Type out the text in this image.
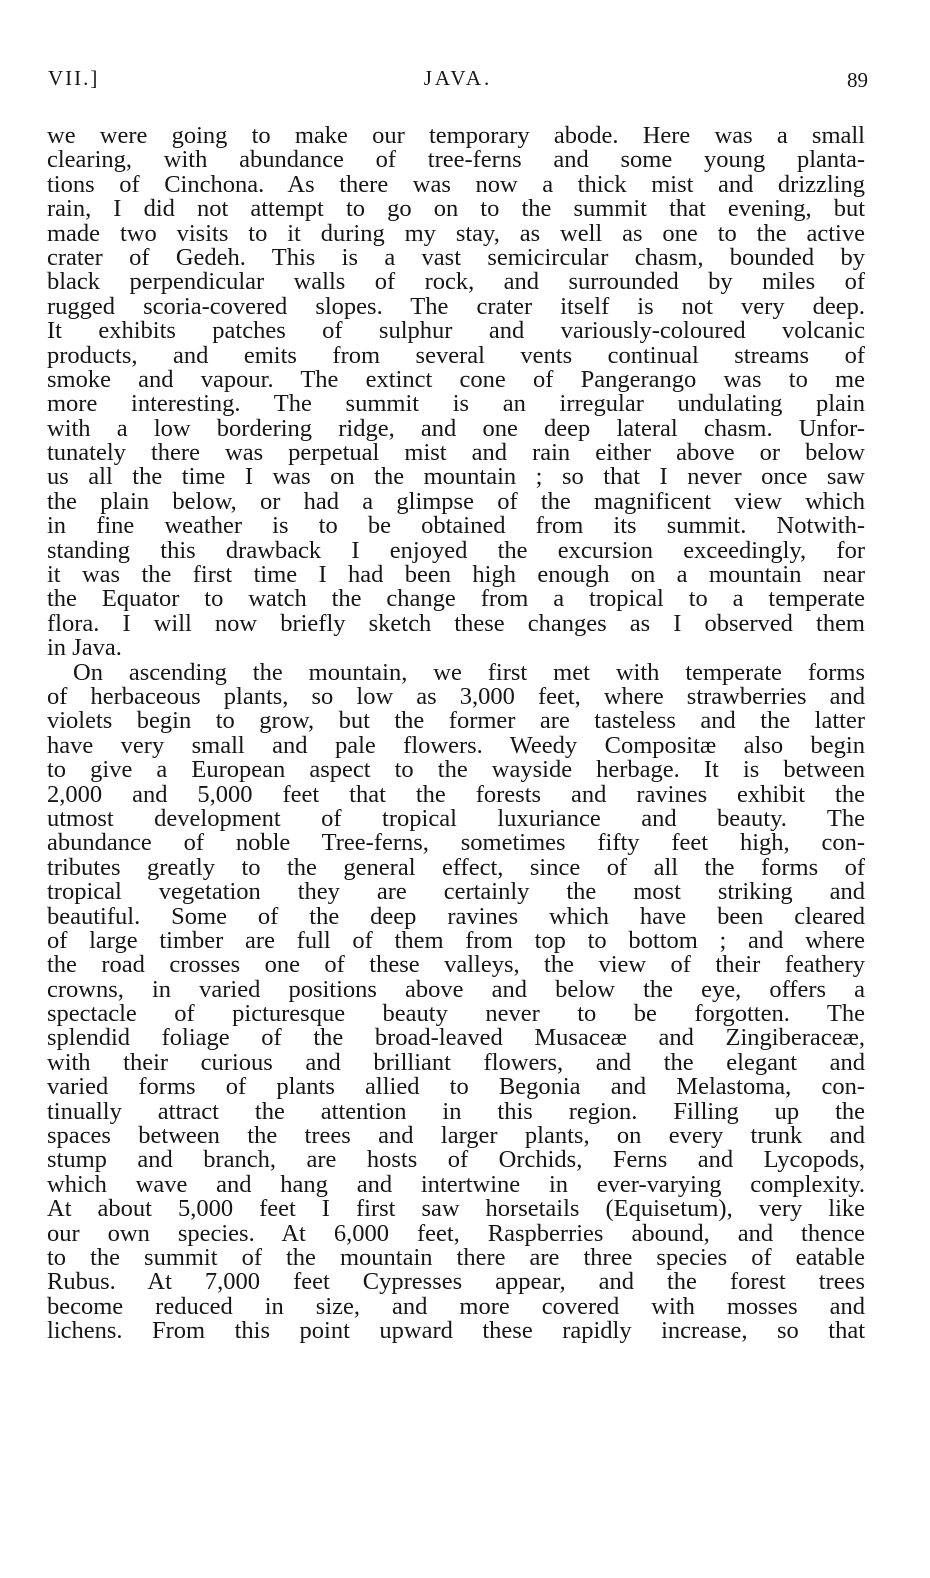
VII.]	JAVA.	89
we were going to make our temporary abode. Here was a small
clearing, with abundance of tree-ferns and some young planta-
tions of Cinchona. As there was now a thick mist and drizzling
rain, I did not attempt to go on to the summit that evening, but
made two visits to it during my stay, as well as one to the active
crater of Gedeh. This is a vast semicircular chasm, bounded by
black perpendicular walls of rock, and surrounded by miles of
rugged scoria-covered slopes. The crater itself is not very deep.
It exhibits patches of sulphur and variously-coloured volcanic
products, and emits from several vents continual streams of
smoke and vapour. The extinct cone of Pangerango was to me
more interesting. The summit is an irregular undulating plain
with a low bordering ridge, and one deep lateral chasm. Unfor-
tunately there was perpetual mist and rain either above or below
us all the time I was on the mountain ; so that I never once saw
the plain below, or had a glimpse of the magnificent view which
in fine weather is to be obtained from its summit. Notwith-
standing this drawback I enjoyed the excursion exceedingly, for
it was the first time I had been high enough on a mountain near
the Equator to watch the change from a tropical to a temperate
flora. I will now briefly sketch these changes as I observed them
in Java.
On ascending the mountain, we first met with temperate forms
of herbaceous plants, so low as 3,000 feet, where strawberries and
violets begin to grow, but the former are tasteless and the latter
have very small and pale flowers. Weedy Compositæ also begin
to give a European aspect to the wayside herbage. It is between
2,000 and 5,000 feet that the forests and ravines exhibit the
utmost development of tropical luxuriance and beauty. The
abundance of noble Tree-ferns, sometimes fifty feet high, con-
tributes greatly to the general effect, since of all the forms of
tropical vegetation they are certainly the most striking and
beautiful. Some of the deep ravines which have been cleared
of large timber are full of them from top to bottom ; and where
the road crosses one of these valleys, the view of their feathery
crowns, in varied positions above and below the eye, offers a
spectacle of picturesque beauty never to be forgotten. The
splendid foliage of the broad-leaved Musaceæ and Zingiberaceæ,
with their curious and brilliant flowers, and the elegant and
varied forms of plants allied to Begonia and Melastoma, con-
tinually attract the attention in this region. Filling up the
spaces between the trees and larger plants, on every trunk and
stump and branch, are hosts of Orchids, Ferns and Lycopods,
which wave and hang and intertwine in ever-varying complexity.
At about 5,000 feet I first saw horsetails (Equisetum), very like
our own species. At 6,000 feet, Raspberries abound, and thence
to the summit of the mountain there are three species of eatable
Rubus. At 7,000 feet Cypresses appear, and the forest trees
become reduced in size, and more covered with mosses and
lichens. From this point upward these rapidly increase, so that
